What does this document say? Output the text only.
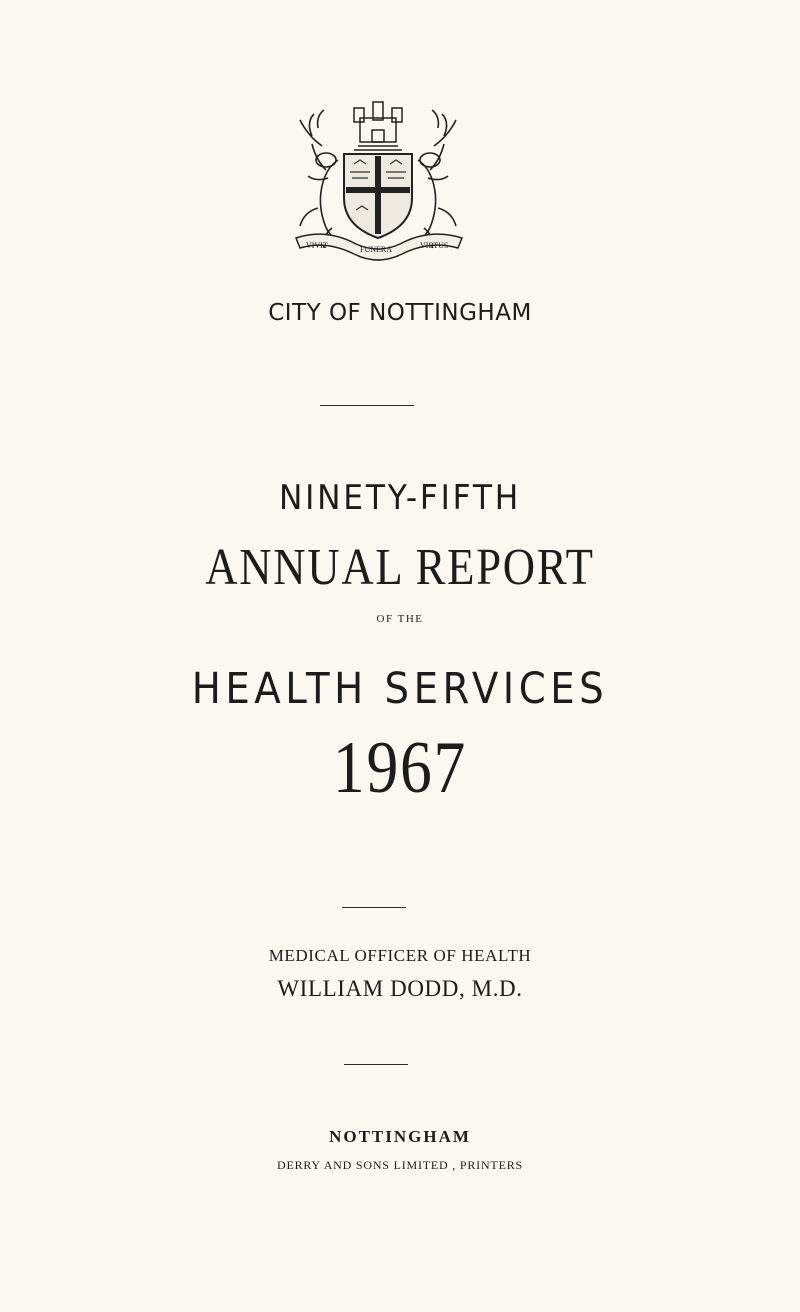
VIVIT	FUNERA	VIRTUS
CITY OF NOTTINGHAM
NINETY-FIFTH
ANNUAL REPORT
OF THE
HEALTH SERVICES
1967
MEDICAL OFFICER OF HEALTH
WILLIAM DODD, M.D.
NOTTINGHAM
DERRY AND SONS LIMITED , PRINTERS
